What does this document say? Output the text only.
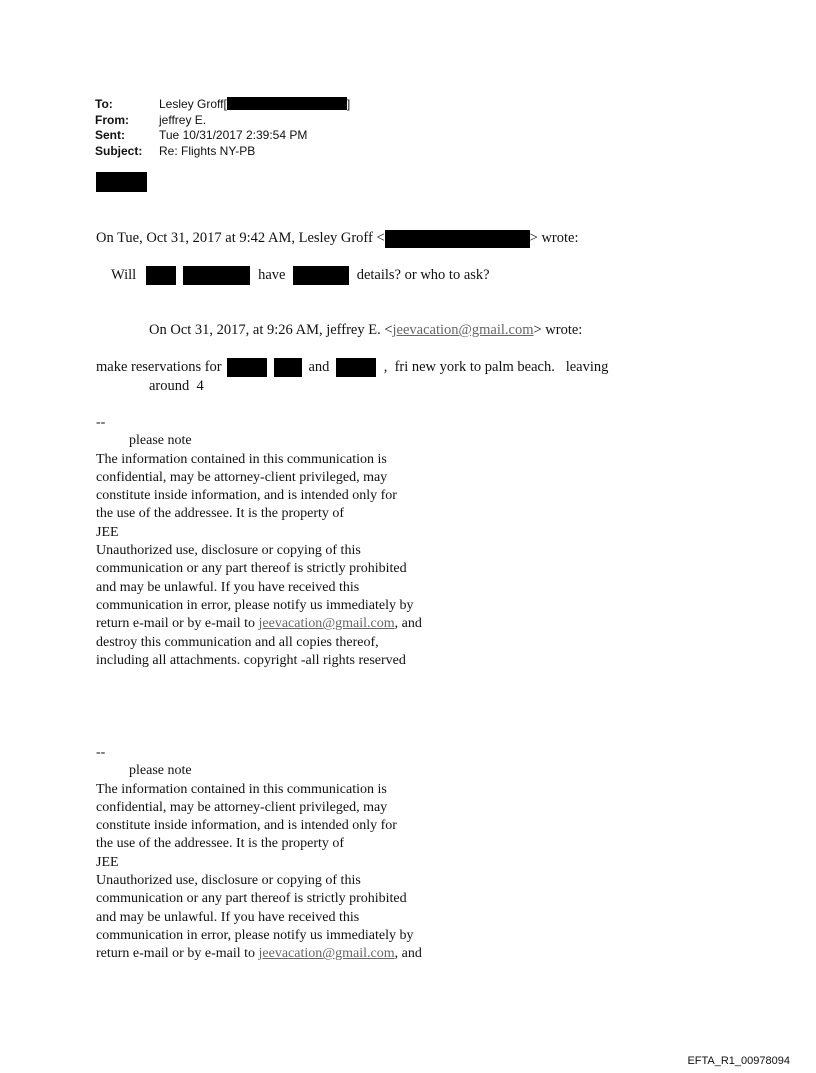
To:	Lesley Groff[	]
From:	jeffrey E.
Sent:	Tue 10/31/2017 2:39:54 PM
Subject:	Re: Flights NY-PB
On Tue, Oct 31, 2017 at 9:42 AM, Lesley Groff <	> wrote:
Will	have	details? or who to ask?
On Oct 31, 2017, at 9:26 AM, jeffrey E. <jeevacation@gmail.com> wrote:
make reservations for	and	,  fri new york to palm beach.   leaving
around  4
--
please note
The information contained in this communication is
confidential, may be attorney-client privileged, may
constitute inside information, and is intended only for
the use of the addressee. It is the property of
JEE
Unauthorized use, disclosure or copying of this
communication or any part thereof is strictly prohibited
and may be unlawful. If you have received this
communication in error, please notify us immediately by
return e-mail or by e-mail to jeevacation@gmail.com, and
destroy this communication and all copies thereof,
including all attachments. copyright -all rights reserved
--
please note
The information contained in this communication is
confidential, may be attorney-client privileged, may
constitute inside information, and is intended only for
the use of the addressee. It is the property of
JEE
Unauthorized use, disclosure or copying of this
communication or any part thereof is strictly prohibited
and may be unlawful. If you have received this
communication in error, please notify us immediately by
return e-mail or by e-mail to jeevacation@gmail.com, and
EFTA_R1_00978094
